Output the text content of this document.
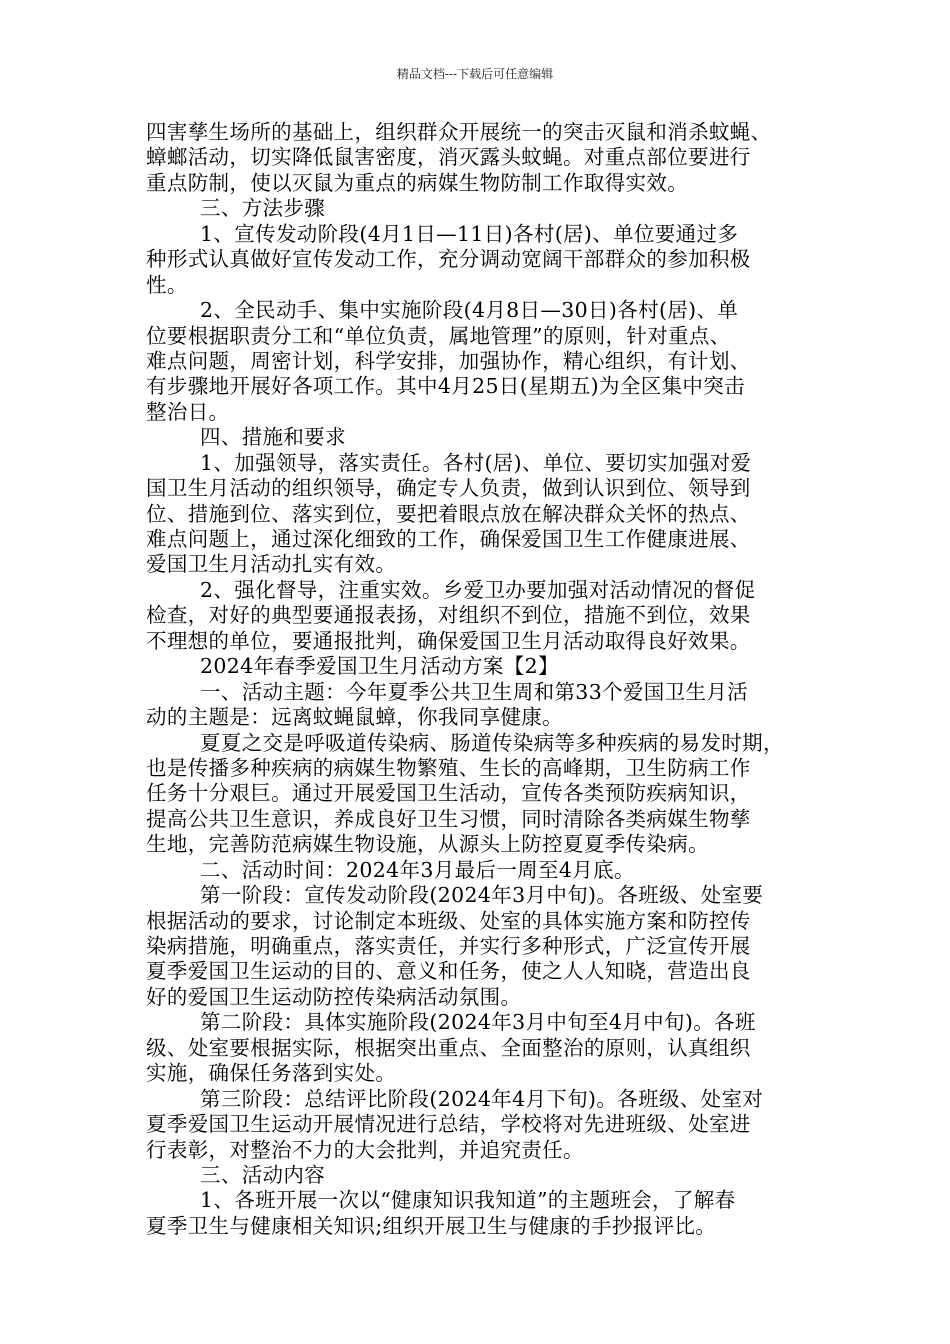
精品文档---下载后可任意编辑
四害孳生场所的基础上，组织群众开展统一的突击灭鼠和消杀蚊蝇、
蟑螂活动，切实降低鼠害密度，消灭露头蚊蝇。对重点部位要进行
重点防制，使以灭鼠为重点的病媒生物防制工作取得实效。
三、方法步骤
1、宣传发动阶段(4月1日—11日)各村(居)、单位要通过多
种形式认真做好宣传发动工作，充分调动宽阔干部群众的参加积极
性。
2、全民动手、集中实施阶段(4月8日—30日)各村(居)、单
位要根据职责分工和“单位负责，属地管理”的原则，针对重点、
难点问题，周密计划，科学安排，加强协作，精心组织，有计划、
有步骤地开展好各项工作。其中4月25日(星期五)为全区集中突击
整治日。
四、措施和要求
1、加强领导，落实责任。各村(居)、单位、要切实加强对爱
国卫生月活动的组织领导，确定专人负责，做到认识到位、领导到
位、措施到位、落实到位，要把着眼点放在解决群众关怀的热点、
难点问题上，通过深化细致的工作，确保爱国卫生工作健康进展、
爱国卫生月活动扎实有效。
2、强化督导，注重实效。乡爱卫办要加强对活动情况的督促
检查，对好的典型要通报表扬，对组织不到位，措施不到位，效果
不理想的单位，要通报批判，确保爱国卫生月活动取得良好效果。
2024年春季爱国卫生月活动方案【2】
一、活动主题：今年夏季公共卫生周和第33个爱国卫生月活
动的主题是：远离蚊蝇鼠蟑，你我同享健康。
夏夏之交是呼吸道传染病、肠道传染病等多种疾病的易发时期，
也是传播多种疾病的病媒生物繁殖、生长的高峰期，卫生防病工作
任务十分艰巨。通过开展爱国卫生活动，宣传各类预防疾病知识，
提高公共卫生意识，养成良好卫生习惯，同时清除各类病媒生物孳
生地，完善防范病媒生物设施，从源头上防控夏夏季传染病。
二、活动时间：2024年3月最后一周至4月底。
第一阶段：宣传发动阶段(2024年3月中旬)。各班级、处室要
根据活动的要求，讨论制定本班级、处室的具体实施方案和防控传
染病措施，明确重点，落实责任，并实行多种形式，广泛宣传开展
夏季爱国卫生运动的目的、意义和任务，使之人人知晓，营造出良
好的爱国卫生运动防控传染病活动氛围。
第二阶段：具体实施阶段(2024年3月中旬至4月中旬)。各班
级、处室要根据实际，根据突出重点、全面整治的原则，认真组织
实施，确保任务落到实处。
第三阶段：总结评比阶段(2024年4月下旬)。各班级、处室对
夏季爱国卫生运动开展情况进行总结，学校将对先进班级、处室进
行表彰，对整治不力的大会批判，并追究责任。
三、活动内容
1、各班开展一次以“健康知识我知道”的主题班会，了解春
夏季卫生与健康相关知识;组织开展卫生与健康的手抄报评比。
